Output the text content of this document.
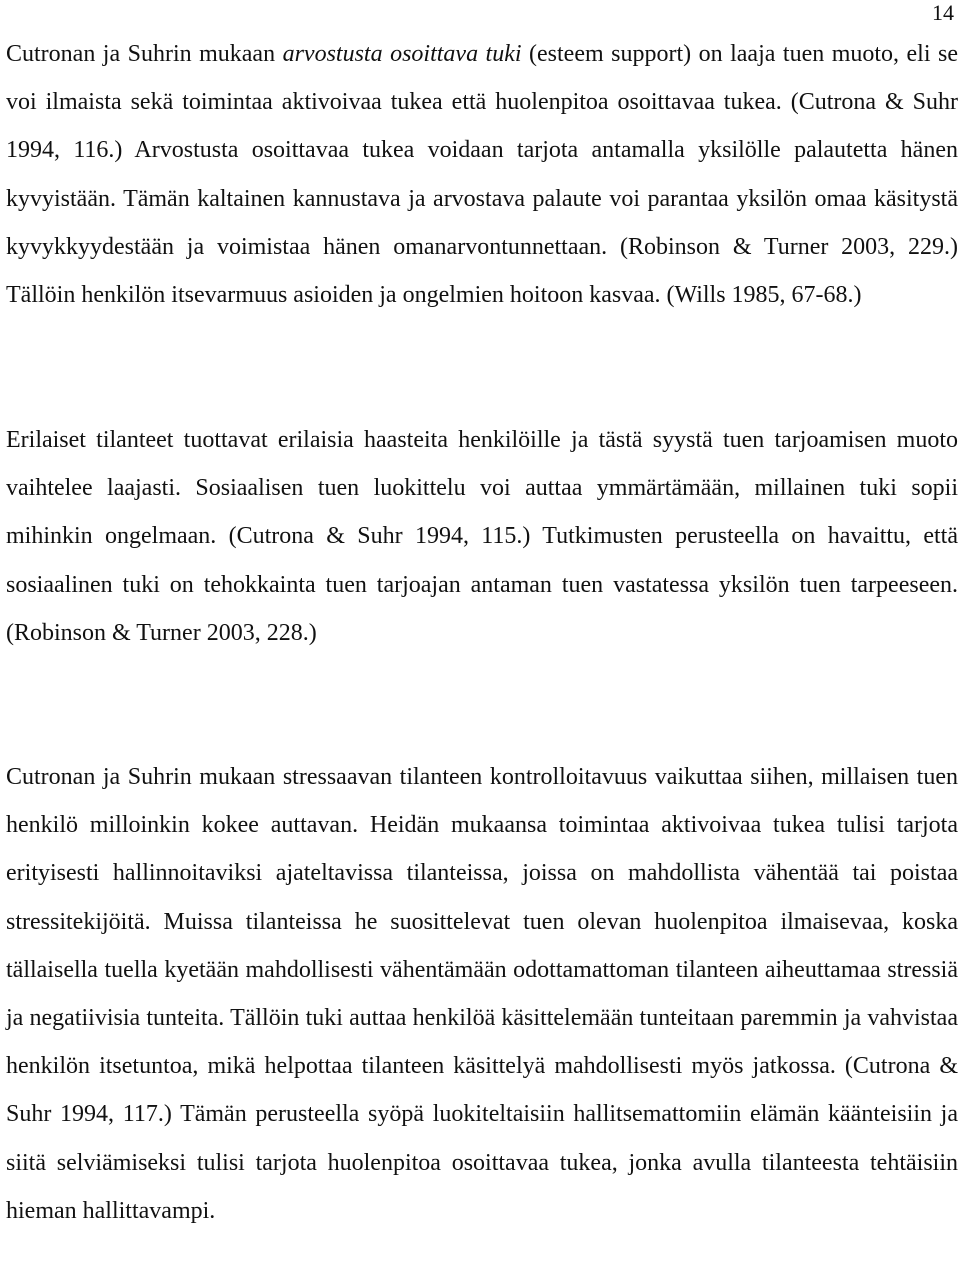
14

Cutronan ja Suhrin mukaan arvostusta osoittava tuki (esteem support) on laaja tuen muoto, eli se voi ilmaista sekä toimintaa aktivoivaa tukea että huolenpitoa osoittavaa tukea. (Cutrona & Suhr 1994, 116.) Arvostusta osoittavaa tukea voidaan tarjota antamalla yksilölle palautetta hänen kyvyistään. Tämän kaltainen kannustava ja arvostava palaute voi parantaa yksilön omaa käsitystä kyvykkyydestään ja voimistaa hänen omanarvontunnettaan. (Robinson & Turner 2003, 229.) Tällöin henkilön itsevarmuus asioiden ja ongelmien hoitoon kasvaa. (Wills 1985, 67-68.)

Erilaiset tilanteet tuottavat erilaisia haasteita henkilöille ja tästä syystä tuen tarjoamisen muoto vaihtelee laajasti. Sosiaalisen tuen luokittelu voi auttaa ymmärtämään, millainen tuki sopii mihinkin ongelmaan. (Cutrona & Suhr 1994, 115.) Tutkimusten perusteella on havaittu, että sosiaalinen tuki on tehokkainta tuen tarjoajan antaman tuen vastatessa yksilön tuen tarpeeseen. (Robinson & Turner 2003, 228.)

Cutronan ja Suhrin mukaan stressaavan tilanteen kontrolloitavuus vaikuttaa siihen, millaisen tuen henkilö milloinkin kokee auttavan. Heidän mukaansa toimintaa aktivoivaa tukea tulisi tarjota erityisesti hallinnoitaviksi ajateltavissa tilanteissa, joissa on mahdollista vähentää tai poistaa stressitekijöitä. Muissa tilanteissa he suosittelevat tuen olevan huolenpitoa ilmaisevaa, koska tällaisella tuella kyetään mahdollisesti vähentämään odottamattoman tilanteen aiheuttamaa stressiä ja negatiivisia tunteita. Tällöin tuki auttaa henkilöä käsittelemään tunteitaan paremmin ja vahvistaa henkilön itsetuntoa, mikä helpottaa tilanteen käsittelyä mahdollisesti myös jatkossa. (Cutrona & Suhr 1994, 117.) Tämän perusteella syöpä luokiteltaisiin hallitsemattomiin elämän käänteisiin ja siitä selviämiseksi tulisi tarjota huolenpitoa osoittavaa tukea, jonka avulla tilanteesta tehtäisiin hieman hallittavampi.
